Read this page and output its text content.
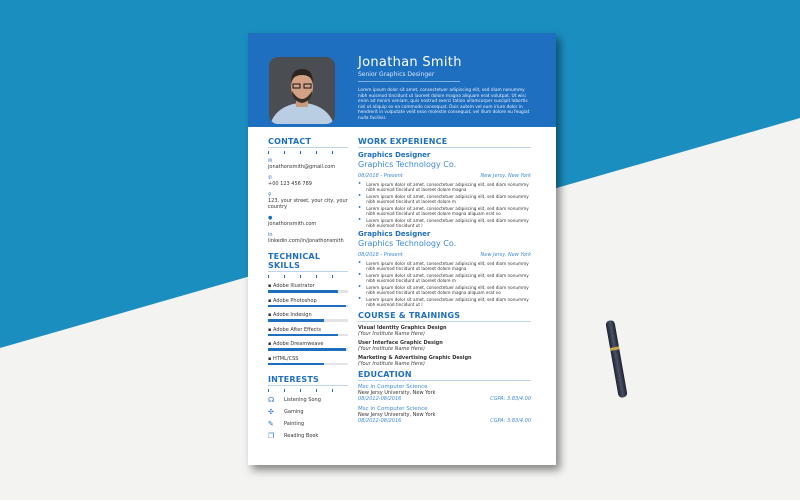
Jonathan Smith
Senior Graphics Desinger
Lorem ipsum dolor sit amet, consectetuer adipiscing elit, sed diam nonummy nibh euismod tincidunt ut laoreet dolore magna aliquam erat volutpat. Ut wisi enim ad minim veniam, quis nostrud exerci tation ullamcorper suscipit lobortis nisl ut aliquip ex ea commodo consequat. Duis autem vel eum iriure dolor in hendrerit in vulputate velit esse molestie consequat, vel illum dolore eu feugiat nulla facilisis
CONTACT
✉
jonathonsmith@gmail.com
✆
+00 123 456 789
⚲
123, your street, your city, your country
●
jonathonsmith.com
in
linkedin.com/in/jonathonsmith
TECHNICAL SKILLS
▪ Adobe Illustrator
▪ Adobe Photoshop
▪ Adobe Indesign
▪ Adobe After Effects
▪ Adobe Dreamweave
▪ HTML/CSS
INTERESTS
☊	Listening Song
✣	Gaming
✎	Painting
❐	Reading Book
WORK EXPERIENCE
Graphics Designer
Graphics Technology Co.
08/2018 - Present	New Jersy, New York
• Lorem ipsum dolor sit amet, consectetuer adipiscing elit, sed diam nonummy nibh euismod tincidunt ut laoreet dolore magna
• Lorem ipsum dolor sit amet, consectetuer adipiscing elit, sed diam nonummy nibh euismod tincidunt ut laoreet dolore m
• Lorem ipsum dolor sit amet, consectetuer adipiscing elit, sed diam nonummy nibh euismod tincidunt ut laoreet dolore magna aliquam erat vo
• Lorem ipsum dolor sit amet, consectetuer adipiscing elit, sed diam nonummy nibh euismod tincidunt ut l
Graphics Designer
Graphics Technology Co.
08/2018 - Present	New Jersy, New York
• Lorem ipsum dolor sit amet, consectetuer adipiscing elit, sed diam nonummy nibh euismod tincidunt ut laoreet dolore magna
• Lorem ipsum dolor sit amet, consectetuer adipiscing elit, sed diam nonummy nibh euismod tincidunt ut laoreet dolore m
• Lorem ipsum dolor sit amet, consectetuer adipiscing elit, sed diam nonummy nibh euismod tincidunt ut laoreet dolore magna aliquam erat vo
• Lorem ipsum dolor sit amet, consectetuer adipiscing elit, sed diam nonummy nibh euismod tincidunt ut l
COURSE & TRAININGS
Visual Identity Graphics Design
(Your Institute Name Here)
User Interface Graphic Design
(Your Institute Name Here)
Marketing & Advertising Graphic Design
(Your Institute Name Here)
EDUCATION
Msc in Computer Science
New Jersy University, New York
08/2012-08/2016	CGPA: 3.83/4.00
Msc in Computer Science
New Jersy University, New York
08/2012-08/2016	CGPA: 3.83/4.00
